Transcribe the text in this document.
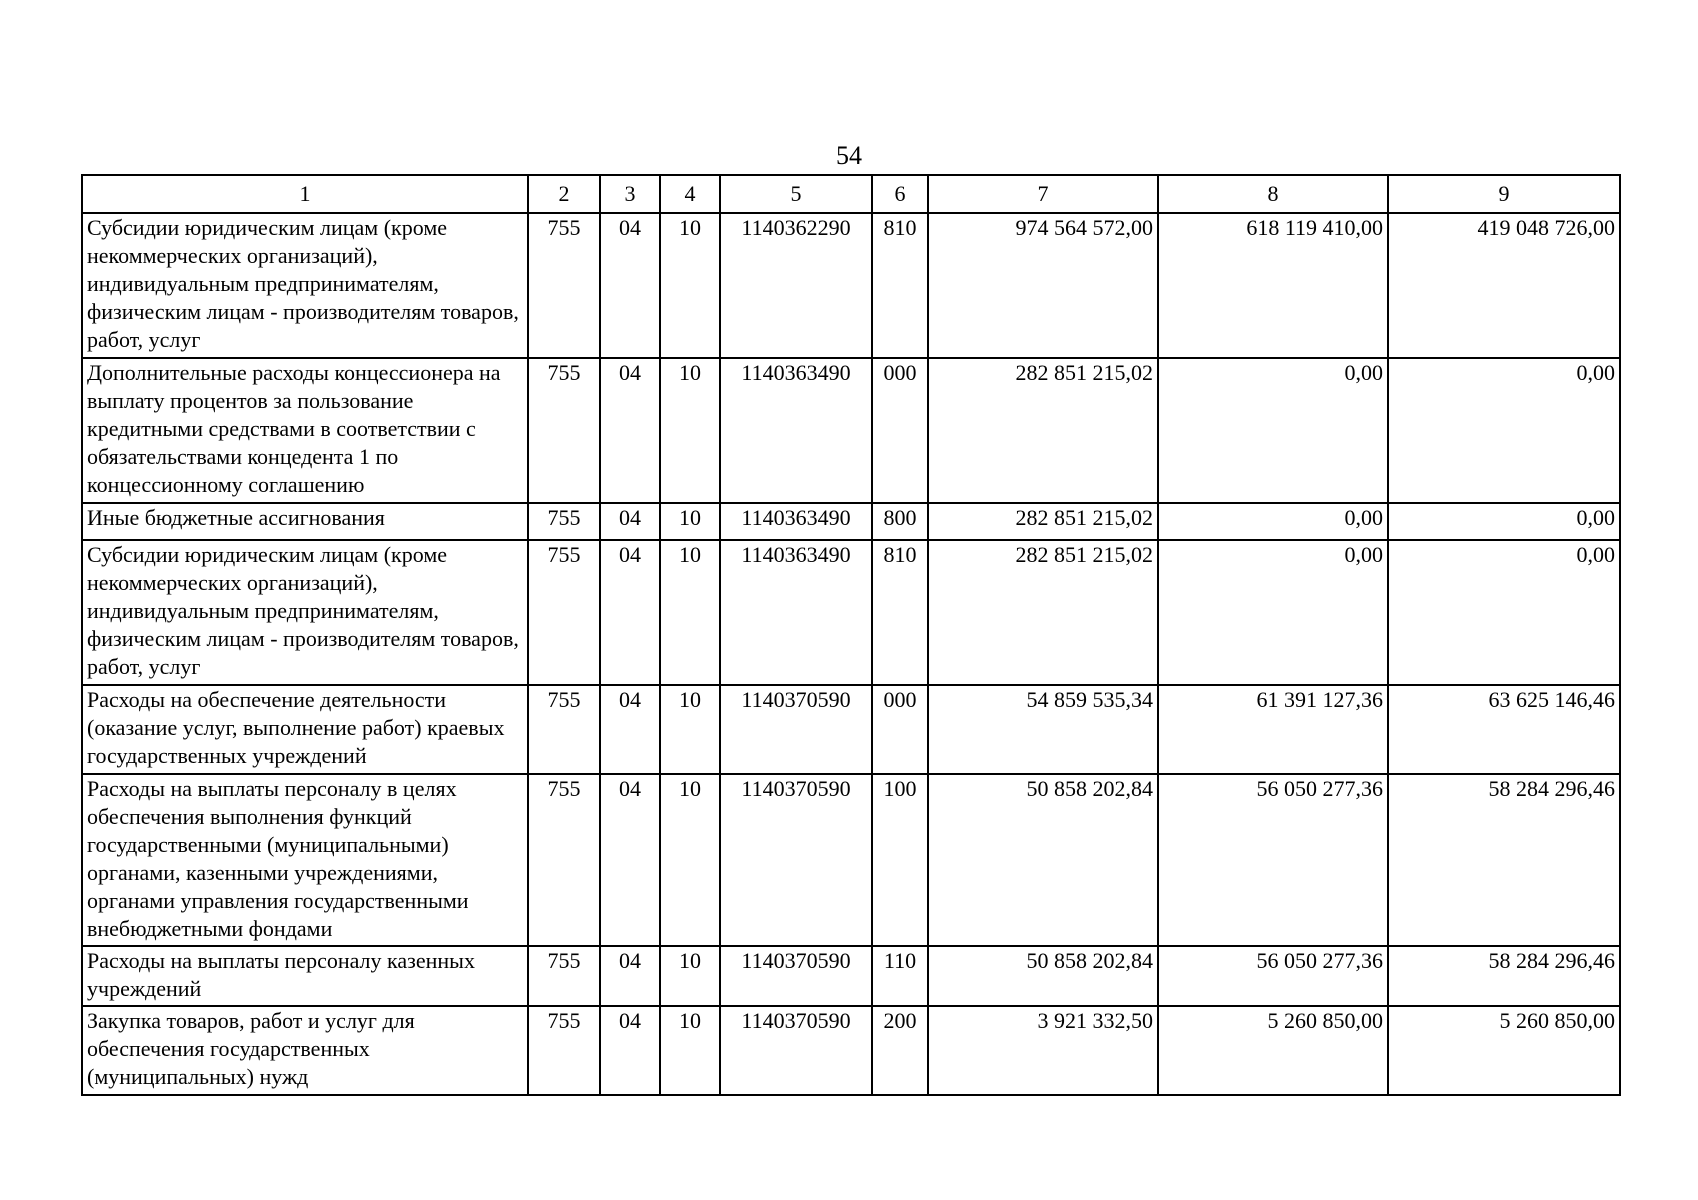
54
1	2	3	4	5	6	7	8	9
Субсидии юридическим лицам (кроме некоммерческих организаций), индивидуальным предпринимателям, физическим лицам - производителям товаров, работ, услуг	755	04	10	1140362290	810	974 564 572,00	618 119 410,00	419 048 726,00
Дополнительные расходы концессионера на выплату процентов за пользование кредитными средствами в соответствии с обязательствами концедента 1 по концессионному соглашению	755	04	10	1140363490	000	282 851 215,02	0,00	0,00
Иные бюджетные ассигнования	755	04	10	1140363490	800	282 851 215,02	0,00	0,00
Субсидии юридическим лицам (кроме некоммерческих организаций), индивидуальным предпринимателям, физическим лицам - производителям товаров, работ, услуг	755	04	10	1140363490	810	282 851 215,02	0,00	0,00
Расходы на обеспечение деятельности (оказание услуг, выполнение работ) краевых государственных учреждений	755	04	10	1140370590	000	54 859 535,34	61 391 127,36	63 625 146,46
Расходы на выплаты персоналу в целях обеспечения выполнения функций государственными (муниципальными) органами, казенными учреждениями, органами управления государственными внебюджетными фондами	755	04	10	1140370590	100	50 858 202,84	56 050 277,36	58 284 296,46
Расходы на выплаты персоналу казенных учреждений	755	04	10	1140370590	110	50 858 202,84	56 050 277,36	58 284 296,46
Закупка товаров, работ и услуг для обеспечения государственных (муниципальных) нужд	755	04	10	1140370590	200	3 921 332,50	5 260 850,00	5 260 850,00
